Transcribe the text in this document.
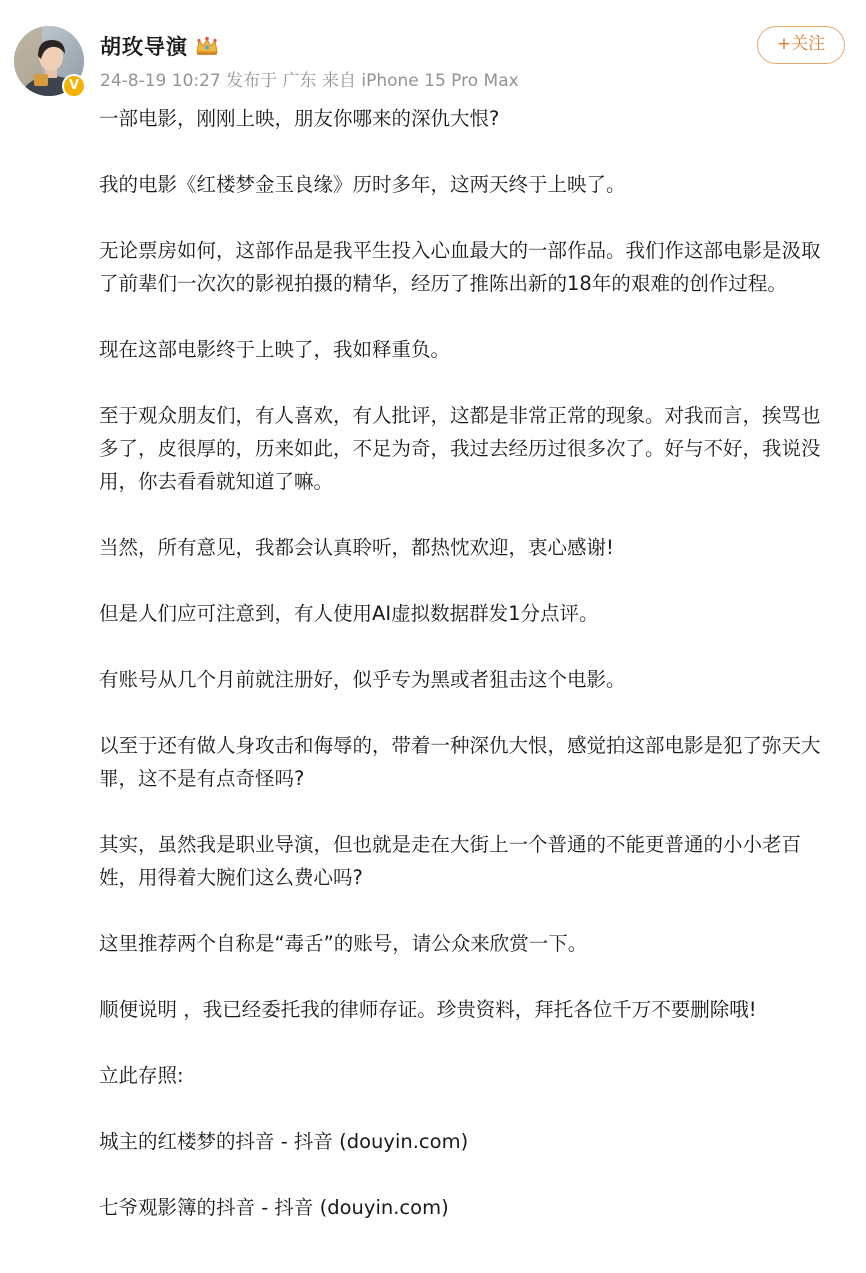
V
胡玫导演
24-8-19 10:27 发布于 广东 来自 iPhone 15 Pro Max
+关注

一部电影，刚刚上映，朋友你哪来的深仇大恨?

我的电影《红楼梦金玉良缘》历时多年，这两天终于上映了。

无论票房如何，这部作品是我平生投入心血最大的一部作品。我们作这部电影是汲取了前辈们一次次的影视拍摄的精华，经历了推陈出新的18年的艰难的创作过程。

现在这部电影终于上映了，我如释重负。

至于观众朋友们，有人喜欢，有人批评，这都是非常正常的现象。对我而言，挨骂也多了，皮很厚的，历来如此，不足为奇，我过去经历过很多次了。好与不好，我说没用，你去看看就知道了嘛。

当然，所有意见，我都会认真聆听，都热忱欢迎，衷心感谢!

但是人们应可注意到，有人使用AI虚拟数据群发1分点评。

有账号从几个月前就注册好，似乎专为黑或者狙击这个电影。

以至于还有做人身攻击和侮辱的，带着一种深仇大恨，感觉拍这部电影是犯了弥天大罪，这不是有点奇怪吗?

其实，虽然我是职业导演，但也就是走在大街上一个普通的不能更普通的小小老百姓，用得着大腕们这么费心吗?

这里推荐两个自称是“毒舌”的账号，请公众来欣赏一下。

顺便说明 ，我已经委托我的律师存证。珍贵资料，拜托各位千万不要删除哦!

立此存照:

城主的红楼梦的抖音 - 抖音 (douyin.com)

七爷观影簿的抖音 - 抖音 (douyin.com)
